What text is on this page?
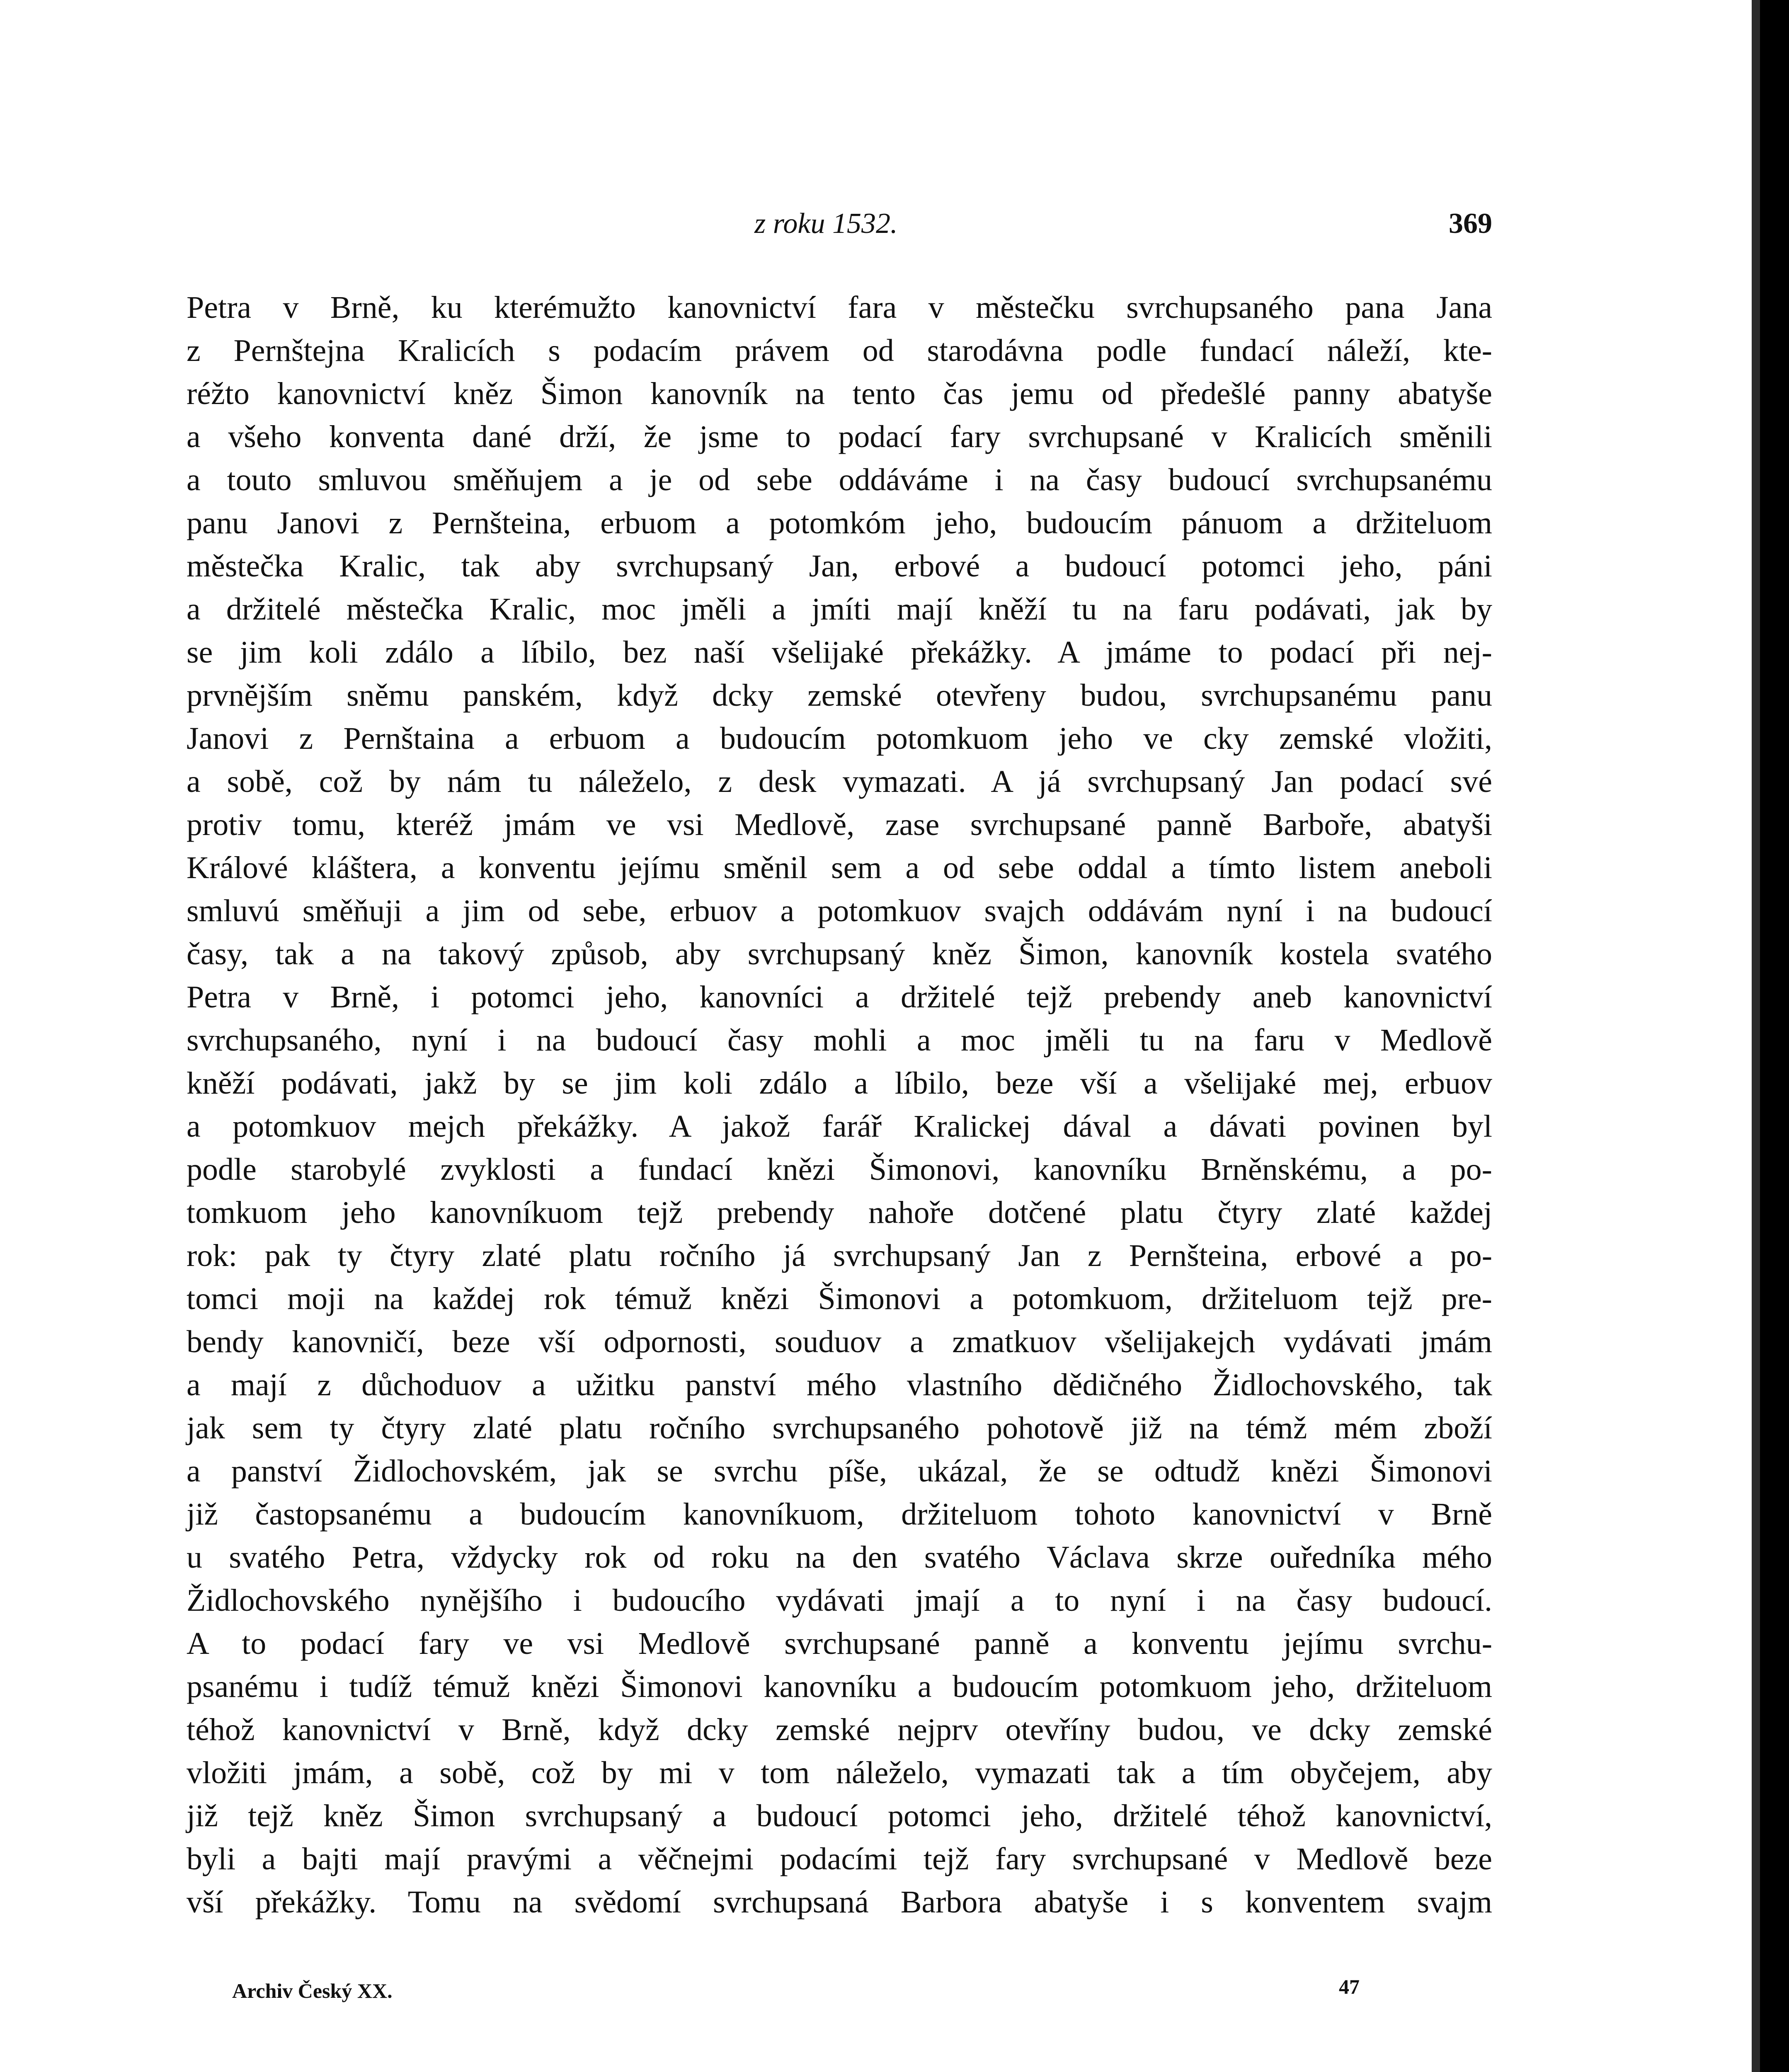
z roku 1532.	369
Petra v Brně, ku kterémužto kanovnictví fara v městečku svrchupsaného pana Jana
z Pernštejna Kralicích s podacím právem od starodávna podle fundací náleží, kte-
réžto kanovnictví kněz Šimon kanovník na tento čas jemu od předešlé panny abatyše
a všeho konventa dané drží, že jsme to podací fary svrchupsané v Kralicích směnili
a touto smluvou směňujem a je od sebe oddáváme i na časy budoucí svrchupsanému
panu Janovi z Pernšteina, erbuom a potomkóm jeho, budoucím pánuom a držiteluom
městečka Kralic, tak aby svrchupsaný Jan, erbové a budoucí potomci jeho, páni
a držitelé městečka Kralic, moc jměli a jmíti mají kněží tu na faru podávati, jak by
se jim koli zdálo a líbilo, bez naší všelijaké překážky. A jmáme to podací při nej-
prvnějším sněmu panském, když dcky zemské otevřeny budou, svrchupsanému panu
Janovi z Pernštaina a erbuom a budoucím potomkuom jeho ve cky zemské vložiti,
a sobě, což by nám tu náleželo, z desk vymazati. A já svrchupsaný Jan podací své
protiv tomu, kteréž jmám ve vsi Medlově, zase svrchupsané panně Barboře, abatyši
Králové kláštera, a konventu jejímu směnil sem a od sebe oddal a tímto listem aneboli
smluvú směňuji a jim od sebe, erbuov a potomkuov svajch oddávám nyní i na budoucí
časy, tak a na takový způsob, aby svrchupsaný kněz Šimon, kanovník kostela svatého
Petra v Brně, i potomci jeho, kanovníci a držitelé tejž prebendy aneb kanovnictví
svrchupsaného, nyní i na budoucí časy mohli a moc jměli tu na faru v Medlově
kněží podávati, jakž by se jim koli zdálo a líbilo, beze vší a všelijaké mej, erbuov
a potomkuov mejch překážky. A jakož farář Kralickej dával a dávati povinen byl
podle starobylé zvyklosti a fundací knězi Šimonovi, kanovníku Brněnskému, a po-
tomkuom jeho kanovníkuom tejž prebendy nahoře dotčené platu čtyry zlaté každej
rok: pak ty čtyry zlaté platu ročního já svrchupsaný Jan z Pernšteina, erbové a po-
tomci moji na každej rok témuž knězi Šimonovi a potomkuom, držiteluom tejž pre-
bendy kanovničí, beze vší odpornosti, souduov a zmatkuov všelijakejch vydávati jmám
a mají z důchoduov a užitku panství mého vlastního dědičného Židlochovského, tak
jak sem ty čtyry zlaté platu ročního svrchupsaného pohotově již na témž mém zboží
a panství Židlochovském, jak se svrchu píše, ukázal, že se odtudž knězi Šimonovi
již častopsanému a budoucím kanovníkuom, držiteluom tohoto kanovnictví v Brně
u svatého Petra, vždycky rok od roku na den svatého Václava skrze ouředníka mého
Židlochovského nynějšího i budoucího vydávati jmají a to nyní i na časy budoucí.
A to podací fary ve vsi Medlově svrchupsané panně a konventu jejímu svrchu-
psanému i tudíž témuž knězi Šimonovi kanovníku a budoucím potomkuom jeho, držiteluom
téhož kanovnictví v Brně, když dcky zemské nejprv otevříny budou, ve dcky zemské
vložiti jmám, a sobě, což by mi v tom náleželo, vymazati tak a tím obyčejem, aby
již tejž kněz Šimon svrchupsaný a budoucí potomci jeho, držitelé téhož kanovnictví,
byli a bajti mají pravými a věčnejmi podacími tejž fary svrchupsané v Medlově beze
vší překážky. Tomu na svědomí svrchupsaná Barbora abatyše i s konventem svajm
Archiv Český XX.	47
